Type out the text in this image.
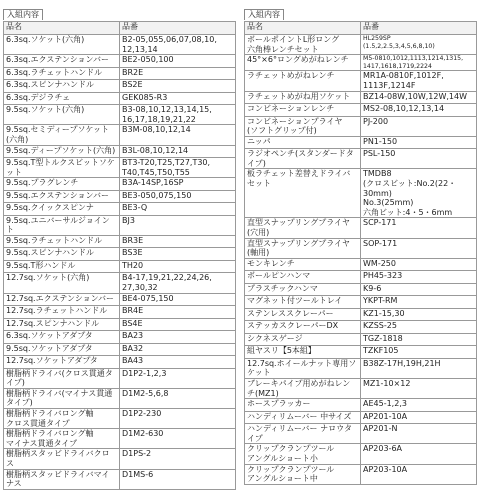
入組内容
品名	品番
6.3sq.ソケット(六角)	B2-05,055,06,07,08,10,
12,13,14
6.3sq.エクステンションバー	BE2-050,100
6.3sq.ラチェットハンドル	BR2E
6.3sq.スピンナハンドル	BS2E
6.3sq.デジラチェ	GEK085-R3
9.5sq.ソケット(六角)	B3-08,10,12,13,14,15,
16,17,18,19,21,22
9.5sq.セミディープソケット(六角)	B3M-08,10,12,14
9.5sq.ディープソケット(六角)	B3L-08,10,12,14
9.5sq.T型トルクスビットソケット	BT3-T20,T25,T27,T30,
T40,T45,T50,T55
9.5sq.プラグレンチ	B3A-14SP,16SP
9.5sq.エクステンションバー	BE3-050,075,150
9.5sq.クイックスピンナ	BE3-Q
9.5sq.ユニバーサルジョイント	BJ3
9.5sq.ラチェットハンドル	BR3E
9.5sq.スピンナハンドル	BS3E
9.5sq.T形ハンドル	TH20
12.7sq.ソケット(六角)	B4-17,19,21,22,24,26,
27,30,32
12.7sq.エクステンションバー	BE4-075,150
12.7sq.ラチェットハンドル	BR4E
12.7sq.スピンナハンドル	BS4E
6.3sq.ソケットアダプタ	BA23
9.5sq.ソケットアダプタ	BA32
12.7sq.ソケットアダプタ	BA43
樹脂柄ドライバ(クロス貫通タイプ)	D1P2-1,2,3
樹脂柄ドライバ(マイナス貫通タイプ)	D1M2-5,6,8
樹脂柄ドライバロング軸
クロス貫通タイプ	D1P2-230
樹脂柄ドライバロング軸
マイナス貫通タイプ	D1M2-630
樹脂柄スタッビドライバクロス	D1PS-2
樹脂柄スタッビドライバマイナス	D1MS-6
入組内容
品名	品番
ボールポイントL形ロング
六角棒レンチセット	HL259SP
(1.5,2,2.5,3,4,5,6,8,10)
45°×6°ロングめがねレンチ	M5-0810,1012,1113,1214,1315,
1417,1618,1719,2224
ラチェットめがねレンチ	MR1A-0810F,1012F,
1113F,1214F
ラチェットめがね用ソケット	BZ14-08W,10W,12W,14W
コンビネーションレンチ	MS2-08,10,12,13,14
コンビネーションプライヤ
(ソフトグリップ付)	PJ-200
ニッパ	PN1-150
ラジオペンチ(スタンダードタイプ)	PSL-150
板ラチェット差替えドライバセット	TMDB8
(クロスビット:No.2(22・30mm)
No.3(25mm)
六角ビット:4・5・6mm
直型スナップリングプライヤ(穴用)	SCP-171
直型スナップリングプライヤ(軸用)	SOP-171
モンキレンチ	WM-250
ボールピンハンマ	PH45-323
プラスチックハンマ	K9-6
マグネット付ツールトレイ	YKPT-RM
ステンレススクレーパー	KZ1-15,30
ステッカスクレーパーDX	KZSS-25
シクネスゲージ	TGZ-1818
組ヤスリ【5本組】	TZKF105
12.7sq.ホイールナット専用ソケット	B38Z-17H,19H,21H
ブレーキパイプ用めがねレンチ(MZ1)	MZ1-10×12
ホースプラッカー	AE45-1,2,3
ハンディリムーバー 中サイズ	AP201-10A
ハンディリムーバー ナロウタイプ	AP201-N
クリップクランプツール
アングルショート小	AP203-6A
クリップクランプツール
アングルショート中	AP203-10A
